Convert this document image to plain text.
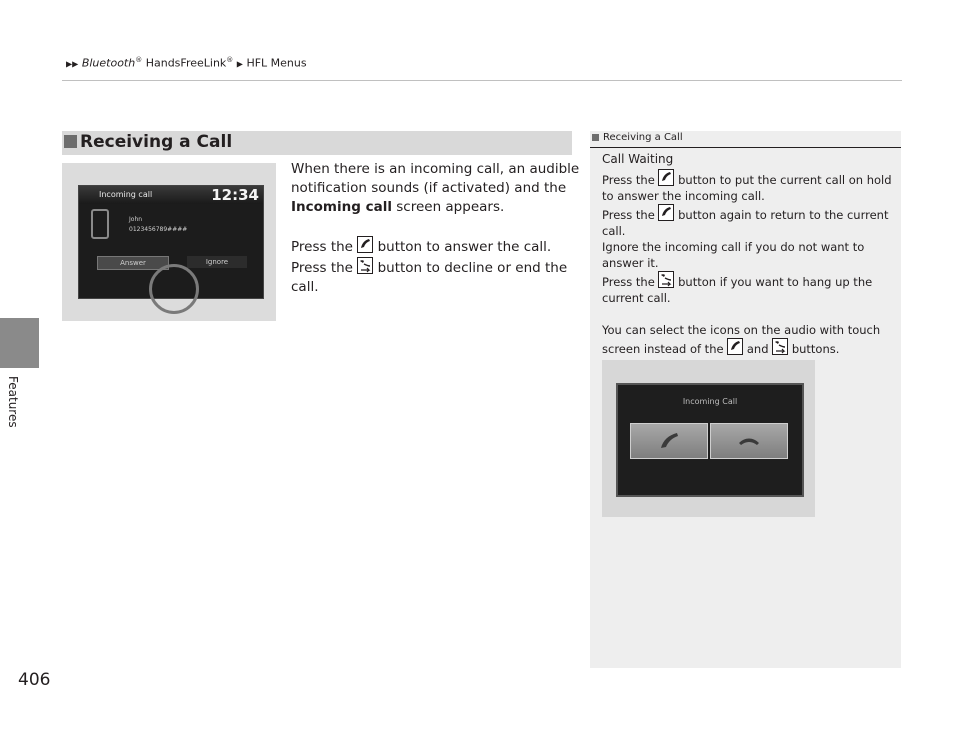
▶▶ Bluetooth® HandsFreeLink® ▶ HFL Menus
Features
406
Receiving a Call
Incoming call	12:34
John
0123456789####
Answer	Ignore

When there is an incoming call, an audible notification sounds (if activated) and the Incoming call screen appears.

Press the
button to answer the call.

Press the
button to decline or end the call.

Receiving a Call

Call Waiting

Press the
button to put the current call on hold to answer the incoming call.

Press the
button again to return to the current call.

Ignore the incoming call if you do not want to answer it.

Press the
button if you want to hang up the current call.

You can select the icons on the audio with touch screen instead of the
and
buttons.

Incoming Call
